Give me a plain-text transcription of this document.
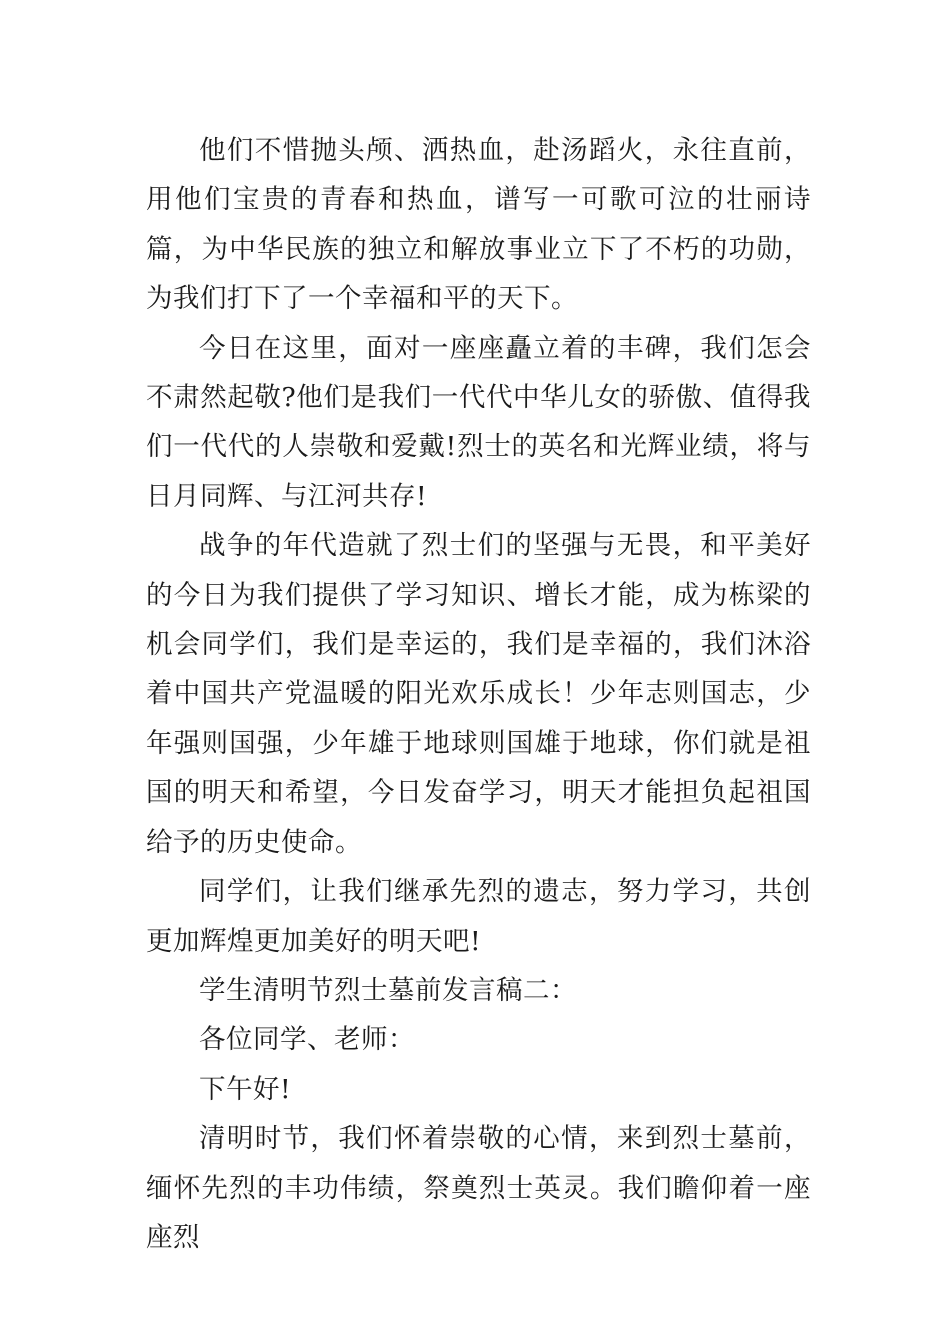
他们不惜抛头颅、洒热血，赴汤蹈火，永往直前，用他们宝贵的青春和热血，谱写一可歌可泣的壮丽诗篇，为中华民族的独立和解放事业立下了不朽的功勋，为我们打下了一个幸福和平的天下。

今日在这里，面对一座座矗立着的丰碑，我们怎会不肃然起敬?他们是我们一代代中华儿女的骄傲、值得我们一代代的人崇敬和爱戴!烈士的英名和光辉业绩，将与日月同辉、与江河共存!

战争的年代造就了烈士们的坚强与无畏，和平美好的今日为我们提供了学习知识、增长才能，成为栋梁的机会同学们，我们是幸运的，我们是幸福的，我们沐浴着中国共产党温暖的阳光欢乐成长！少年志则国志，少年强则国强，少年雄于地球则国雄于地球，你们就是祖国的明天和希望，今日发奋学习，明天才能担负起祖国给予的历史使命。

同学们，让我们继承先烈的遗志，努力学习，共创更加辉煌更加美好的明天吧!

学生清明节烈士墓前发言稿二：

各位同学、老师：

下午好!

清明时节，我们怀着崇敬的心情，来到烈士墓前，缅怀先烈的丰功伟绩，祭奠烈士英灵。我们瞻仰着一座座烈
